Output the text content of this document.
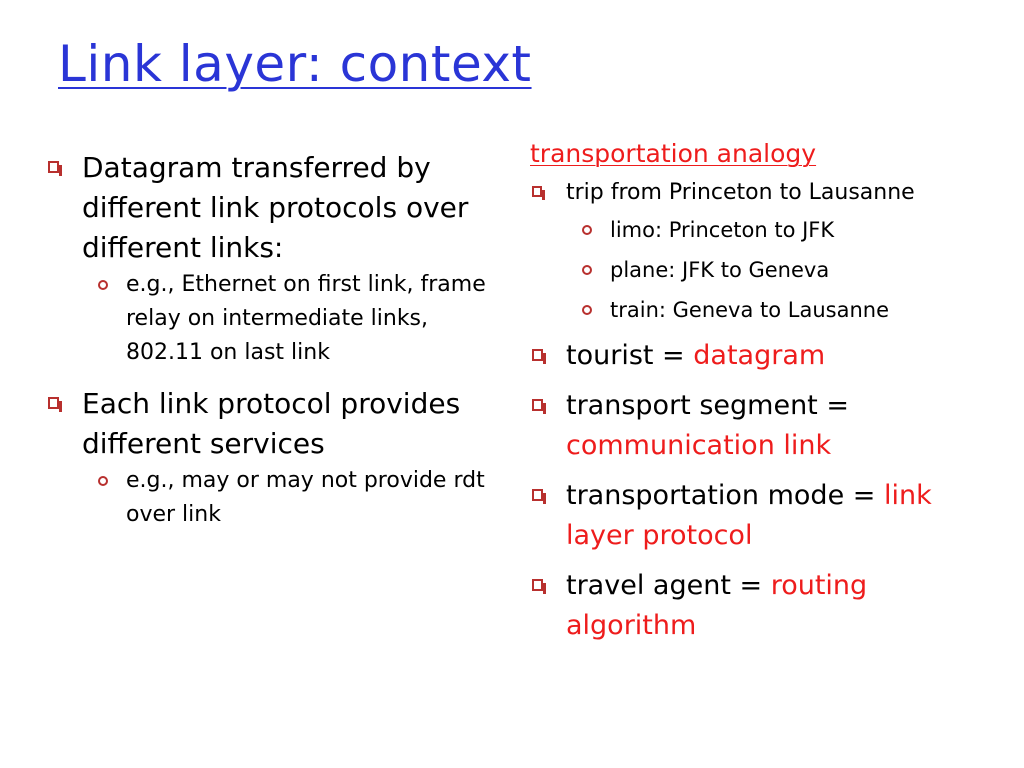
Link layer: context
Datagram transferred by different link protocols over different links:
e.g., Ethernet on first link, frame relay on intermediate links, 802.11 on last link
Each link protocol provides different services
e.g., may or may not provide rdt over link
transportation analogy
trip from Princeton to Lausanne
limo: Princeton to JFK
plane: JFK to Geneva
train: Geneva to Lausanne
tourist = datagram
transport segment = communication link
transportation mode = link layer protocol
travel agent = routing algorithm
